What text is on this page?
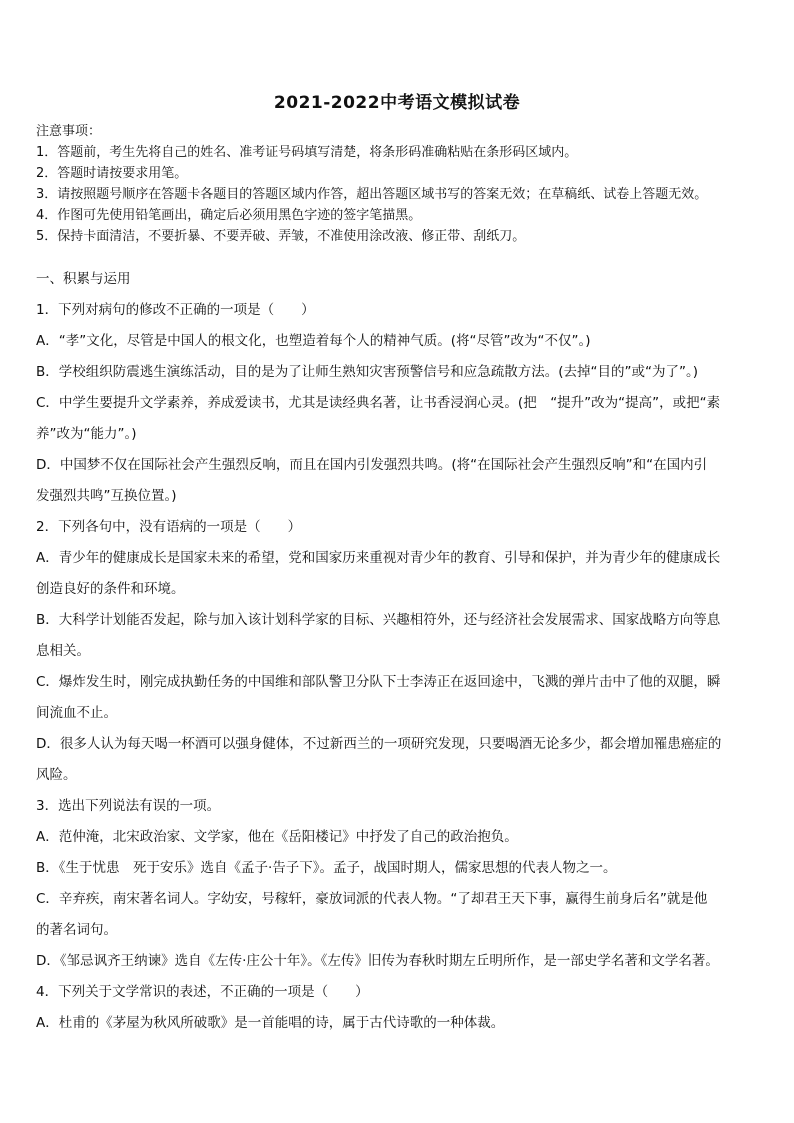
2021-2022中考语文模拟试卷
注意事项：
1．答题前，考生先将自己的姓名、准考证号码填写清楚，将条形码准确粘贴在条形码区域内。
2．答题时请按要求用笔。
3．请按照题号顺序在答题卡各题目的答题区域内作答，超出答题区域书写的答案无效；在草稿纸、试卷上答题无效。
4．作图可先使用铅笔画出，确定后必须用黑色字迹的签字笔描黑。
5．保持卡面清洁，不要折暴、不要弄破、弄皱，不准使用涂改液、修正带、刮纸刀。
一、积累与运用
1．下列对病句的修改不正确的一项是（　　）
A．“孝”文化，尽管是中国人的根文化，也塑造着每个人的精神气质。(将“尽管”改为“不仅”。)
B．学校组织防震逃生演练活动，目的是为了让师生熟知灾害预警信号和应急疏散方法。(去掉“目的”或“为了”。)
C．中学生要提升文学素养，养成爱读书，尤其是读经典名著，让书香浸润心灵。(把　“提升”改为“提高”，或把“素
养”改为“能力”。)
D．中国梦不仅在国际社会产生强烈反响，而且在国内引发强烈共鸣。(将“在国际社会产生强烈反响”和“在国内引
发强烈共鸣”互换位置。)
2．下列各句中，没有语病的一项是（　　）
A．青少年的健康成长是国家未来的希望，党和国家历来重视对青少年的教育、引导和保护，并为青少年的健康成长
创造良好的条件和环境。
B．大科学计划能否发起，除与加入该计划科学家的目标、兴趣相符外，还与经济社会发展需求、国家战略方向等息
息相关。
C．爆炸发生时，刚完成执勤任务的中国维和部队警卫分队下士李涛正在返回途中，飞溅的弹片击中了他的双腿，瞬
间流血不止。
D．很多人认为每天喝一杯酒可以强身健体，不过新西兰的一项研究发现，只要喝酒无论多少，都会增加罹患癌症的
风险。
3．选出下列说法有误的一项。
A．范仲淹，北宋政治家、文学家，他在《岳阳楼记》中抒发了自己的政治抱负。
B．《生于忧患　死于安乐》选自《孟子·告子下》。孟子，战国时期人，儒家思想的代表人物之一。
C．辛弃疾，南宋著名词人。字幼安，号稼轩，豪放词派的代表人物。“了却君王天下事，赢得生前身后名”就是他
的著名词句。
D．《邹忌讽齐王纳谏》选自《左传·庄公十年》。《左传》旧传为春秋时期左丘明所作，是一部史学名著和文学名著。
4．下列关于文学常识的表述，不正确的一项是（　　）
A．杜甫的《茅屋为秋风所破歌》是一首能唱的诗，属于古代诗歌的一种体裁。
